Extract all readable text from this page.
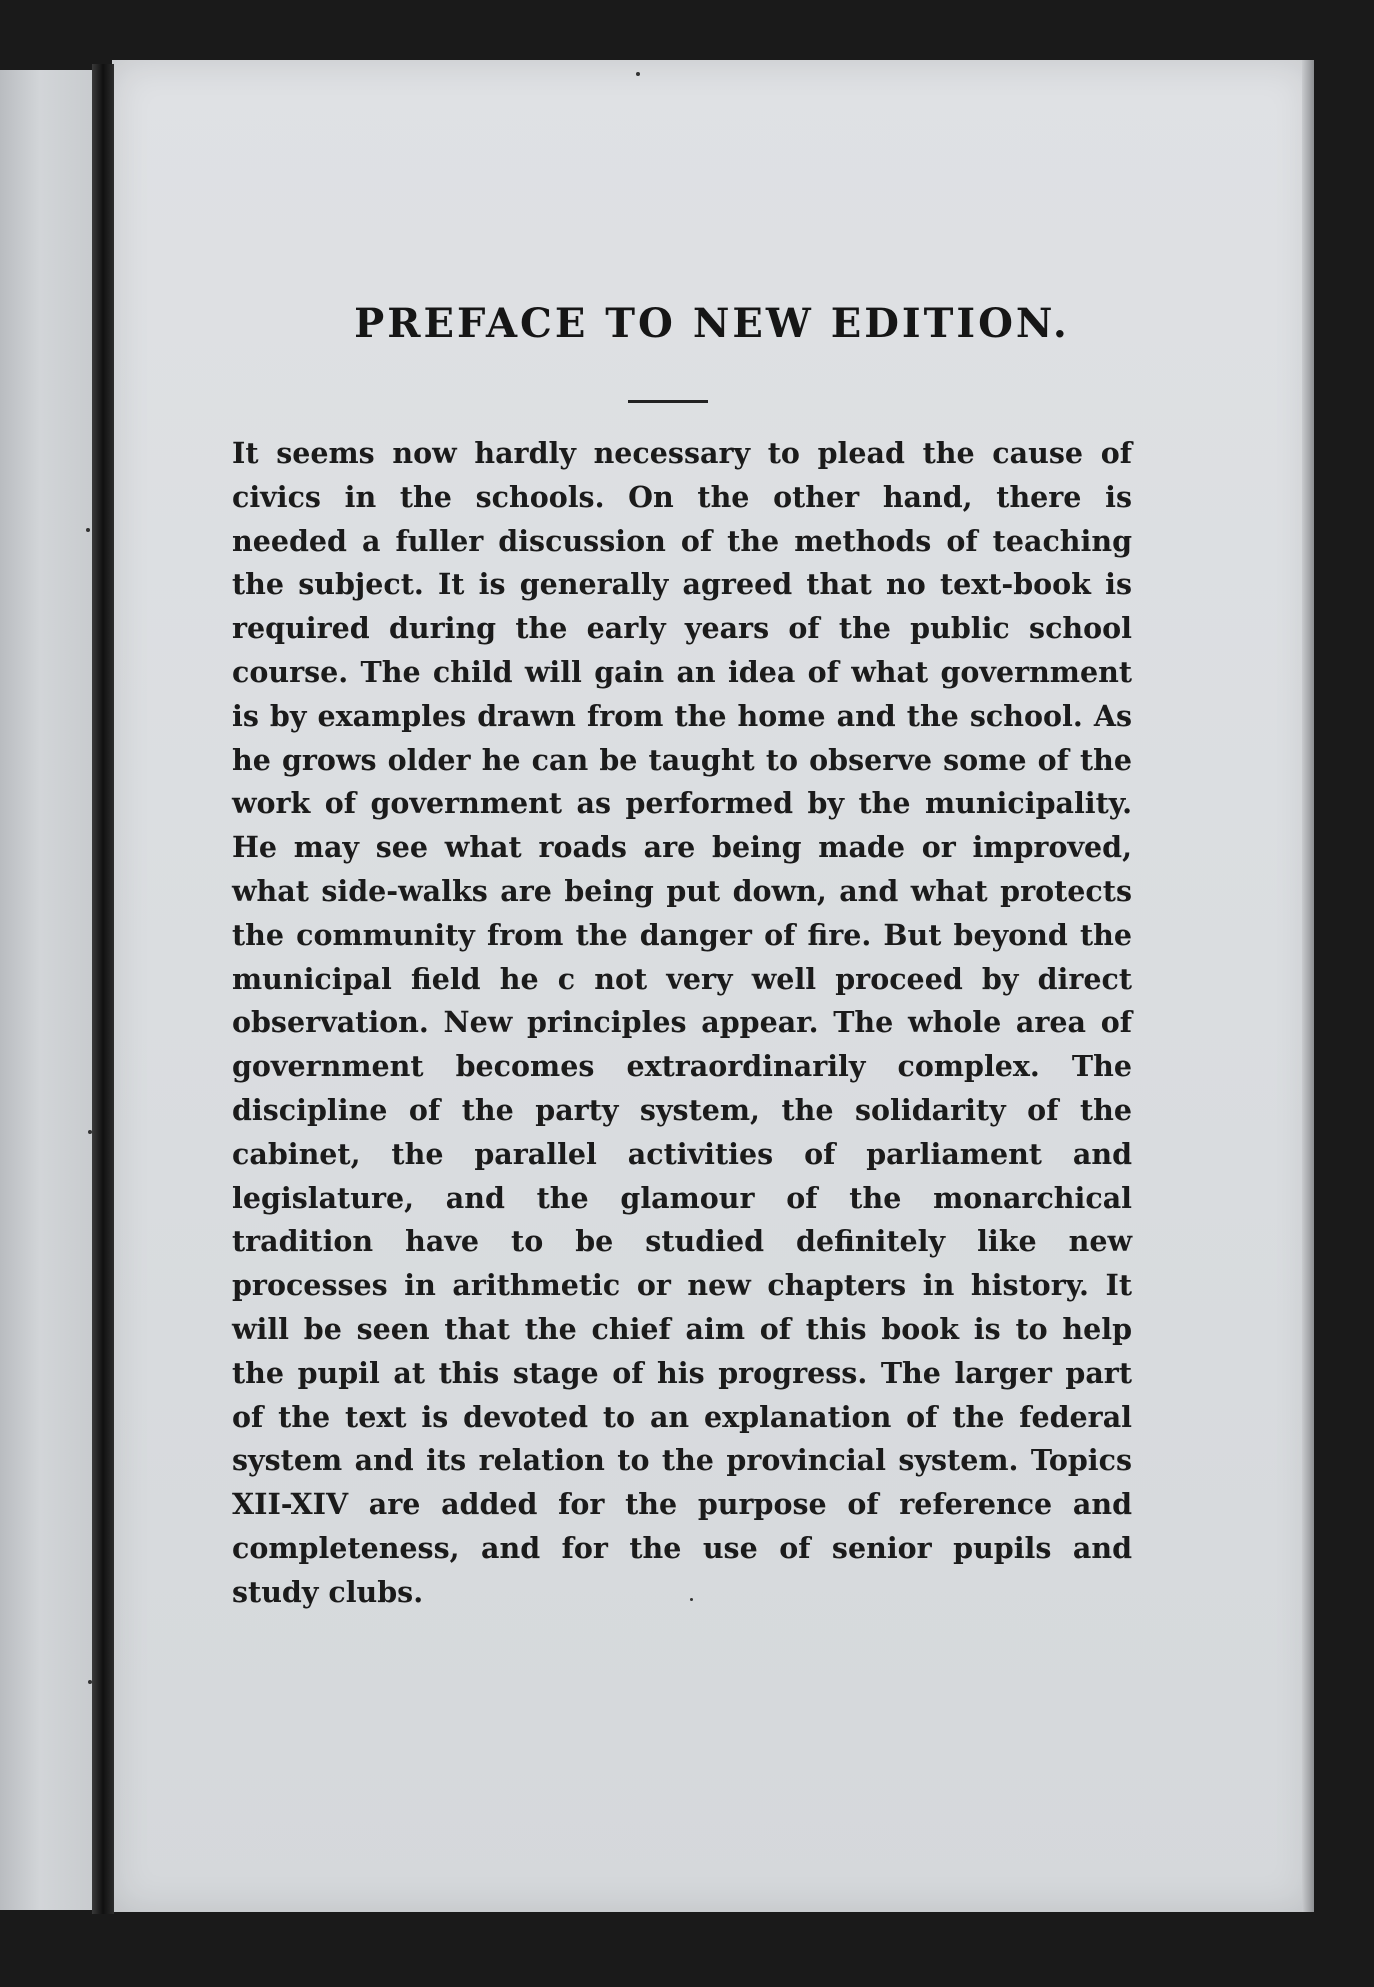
PREFACE TO NEW EDITION.

It seems now hardly necessary to plead the cause of civics in the schools. On the other hand, there is needed a fuller discussion of the methods of teaching the subject. It is generally agreed that no text-book is required during the early years of the public school course. The child will gain an idea of what government is by examples drawn from the home and the school. As he grows older he can be taught to observe some of the work of government as performed by the municipality. He may see what roads are being made or improved, what side-walks are being put down, and what protects the community from the danger of fire. But beyond the municipal field he c not very well proceed by direct observation. New principles appear. The whole area of government becomes extraordinarily complex. The discipline of the party system, the solidarity of the cabinet, the parallel activities of parliament and legislature, and the glamour of the monarchical tradition have to be studied definitely like new processes in arithmetic or new chapters in history. It will be seen that the chief aim of this book is to help the pupil at this stage of his progress. The larger part of the text is devoted to an explanation of the federal system and its relation to the provincial system. Topics XII-XIV are added for the purpose of reference and completeness, and for the use of senior pupils and study clubs.
